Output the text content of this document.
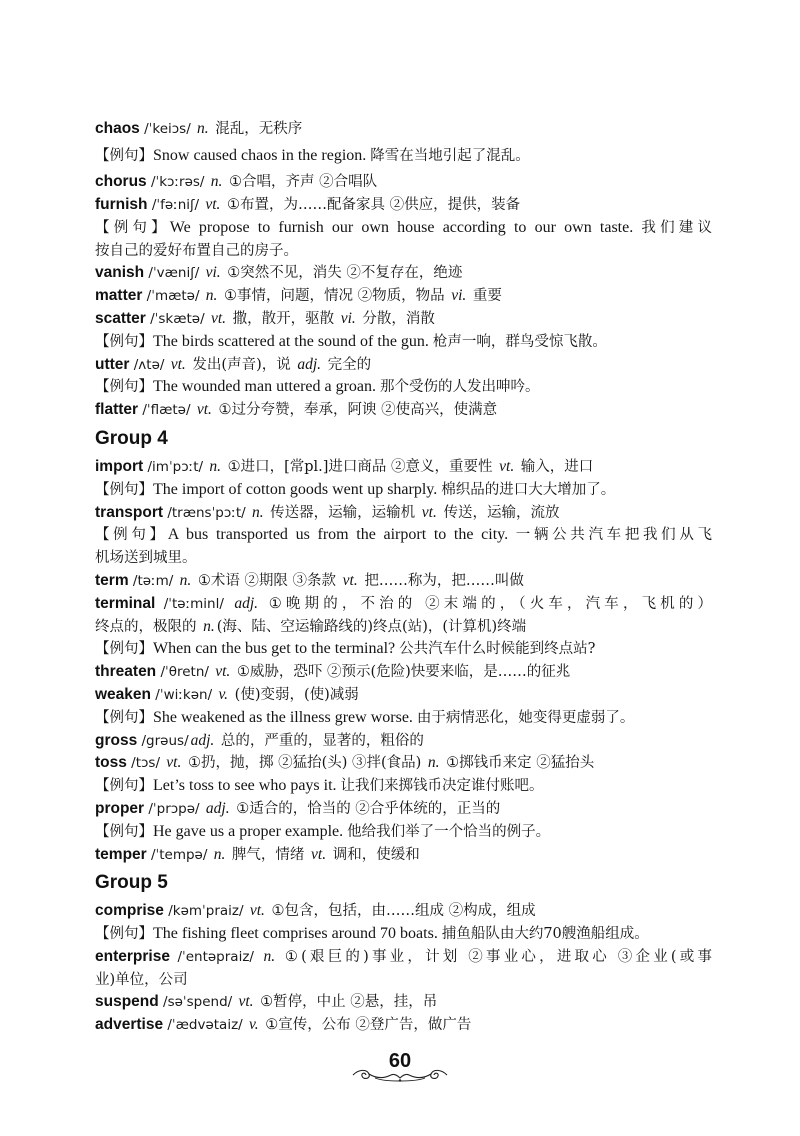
chaos /ˈkeiɔs/ n. 混乱，无秩序
【例句】Snow caused chaos in the region. 降雪在当地引起了混乱。
chorus /ˈkɔːrəs/ n. ①合唱，齐声 ②合唱队
furnish /ˈfəːniʃ/ vt. ①布置，为……配备家具 ②供应，提供，装备
【例句】We propose to furnish our own house according to our own taste. 我们建议
按自己的爱好布置自己的房子。
vanish /ˈvæniʃ/ vi. ①突然不见，消失 ②不复存在，绝迹
matter /ˈmætə/ n. ①事情，问题，情况 ②物质，物品 vi. 重要
scatter /ˈskætə/ vt. 撒，散开，驱散 vi. 分散，消散
【例句】The birds scattered at the sound of the gun. 枪声一响，群鸟受惊飞散。
utter /ʌtə/ vt. 发出(声音)，说 adj. 完全的
【例句】The wounded man uttered a groan. 那个受伤的人发出呻吟。
flatter /ˈflætə/ vt. ①过分夸赞，奉承，阿谀 ②使高兴，使满意
Group 4
import /imˈpɔːt/ n. ①进口，[常pl.]进口商品 ②意义，重要性 vt. 输入，进口
【例句】The import of cotton goods went up sharply. 棉织品的进口大大增加了。
transport /trænsˈpɔːt/ n. 传送器，运输，运输机 vt. 传送，运输，流放
【例句】A bus transported us from the airport to the city. 一辆公共汽车把我们从飞
机场送到城里。
term /təːm/ n. ①术语 ②期限 ③条款 vt. 把……称为，把……叫做
terminal /ˈtəːminl/ adj. ①晚期的，不治的 ②末端的，（火车，汽车，飞机的）
终点的，极限的 n. (海、陆、空运输路线的)终点(站)，(计算机)终端
【例句】When can the bus get to the terminal? 公共汽车什么时候能到终点站?
threaten /ˈθretn/ vt. ①威胁，恐吓 ②预示(危险)快要来临，是……的征兆
weaken /ˈwiːkən/ v. (使)变弱，(使)减弱
【例句】She weakened as the illness grew worse. 由于病情恶化，她变得更虚弱了。
gross /grəus/ adj. 总的，严重的，显著的，粗俗的
toss /tɔs/ vt. ①扔，抛，掷 ②猛抬(头) ③拌(食品) n. ①掷钱币来定 ②猛抬头
【例句】Let’s toss to see who pays it. 让我们来掷钱币决定谁付账吧。
proper /ˈprɔpə/ adj. ①适合的，恰当的 ②合乎体统的，正当的
【例句】He gave us a proper example. 他给我们举了一个恰当的例子。
temper /ˈtempə/ n. 脾气，情绪 vt. 调和，使缓和
Group 5
comprise /kəmˈpraiz/ vt. ①包含，包括，由……组成 ②构成，组成
【例句】The fishing fleet comprises around 70 boats. 捕鱼船队由大约70艘渔船组成。
enterprise /ˈentəpraiz/ n. ①(艰巨的)事业，计划 ②事业心，进取心 ③企业(或事
业)单位，公司
suspend /səˈspend/ vt. ①暂停，中止 ②悬，挂，吊
advertise /ˈædvətaiz/ v. ①宣传，公布 ②登广告，做广告
60
